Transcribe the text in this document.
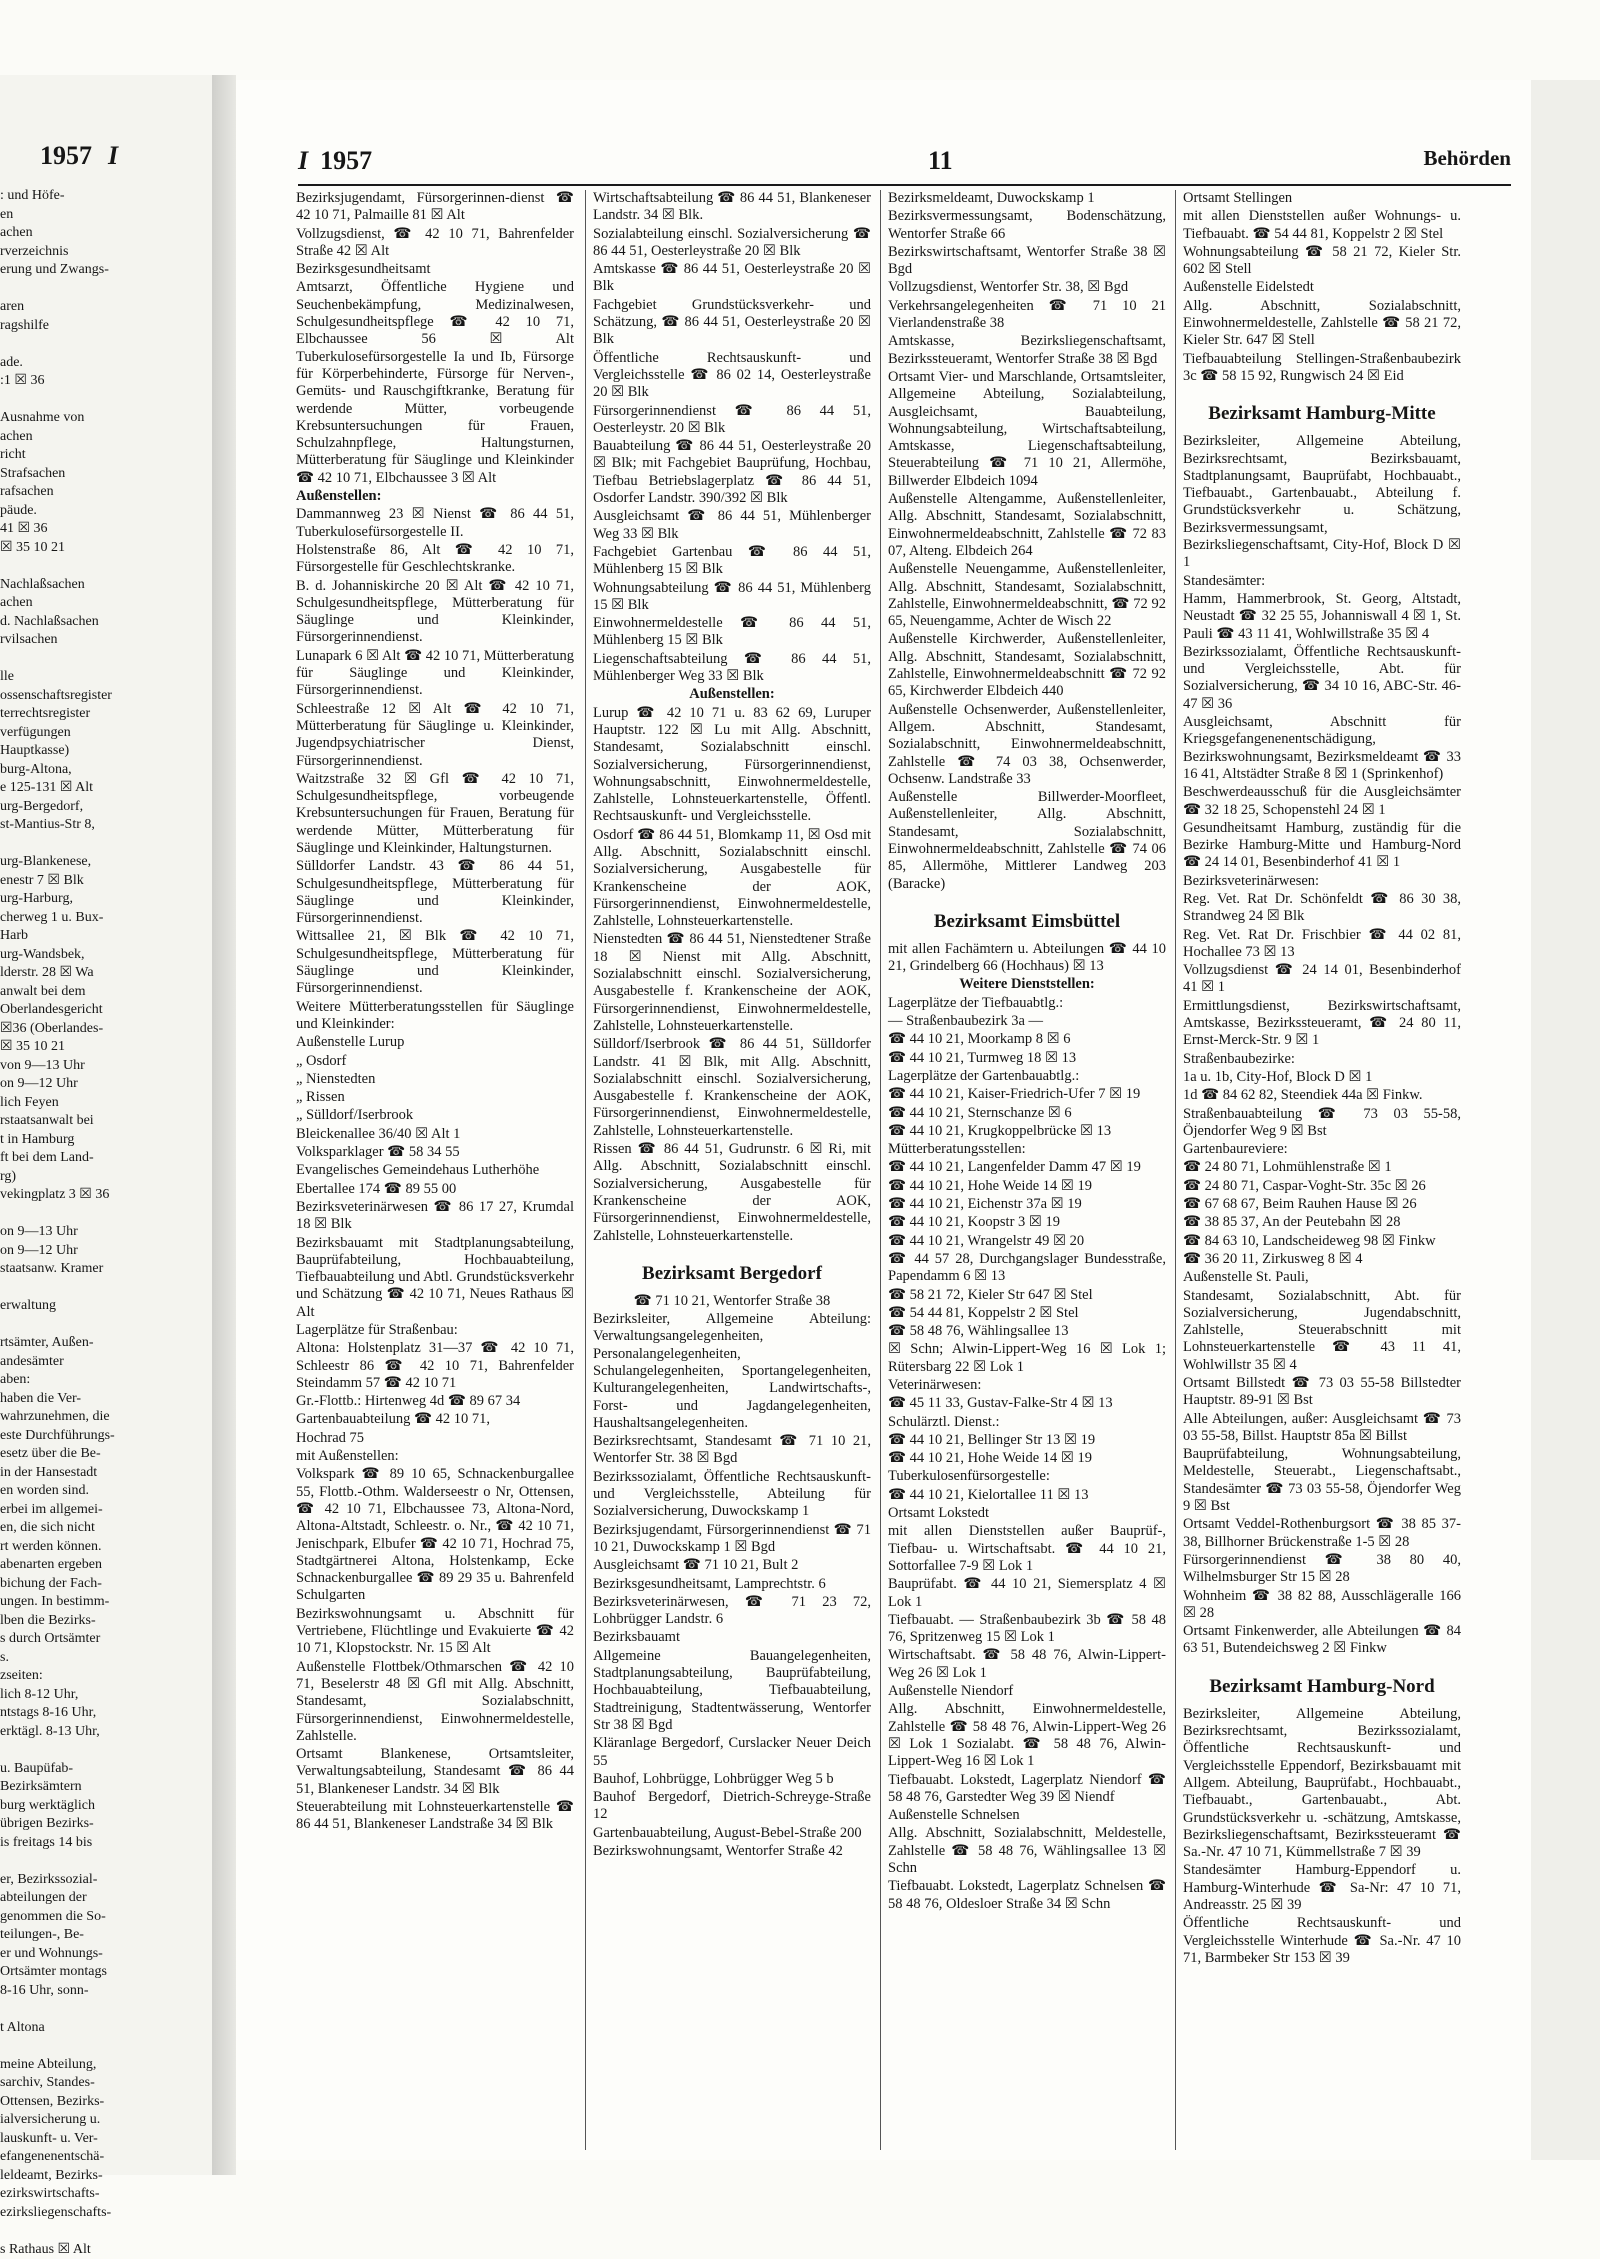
1957 I
: und Höfe-
en
achen
rverzeichnis
erung und Zwangs-
aren
ragshilfe
ade.
:1 ☒ 36
Ausnahme von
achen
richt
Strafsachen
rafsachen
päude.
41 ☒ 36
☒ 35 10 21
Nachlaßsachen
achen
d. Nachlaßsachen
rvilsachen
lle
ossenschaftsregister
terrechtsregister
verfügungen
Hauptkasse)
burg-Altona,
e 125-131 ☒ Alt
urg-Bergedorf,
st-Mantius-Str 8,
urg-Blankenese,
enestr 7 ☒ Blk
urg-Harburg,
cherweg 1 u. Bux-
Harb
urg-Wandsbek,
lderstr. 28 ☒ Wa
anwalt bei dem
Oberlandesgericht
☒36 (Oberlandes-
☒ 35 10 21
von 9—13 Uhr
on 9—12 Uhr
lich Feyen
rstaatsanwalt bei
t in Hamburg
ft bei dem Land-
rg)
vekingplatz 3 ☒ 36
on 9—13 Uhr
on 9—12 Uhr
staatsanw. Kramer
erwaltung
rtsämter, Außen-
andesämter
aben:
haben die Ver-
wahrzunehmen, die
este Durchführungs-
esetz über die Be-
in der Hansestadt
en worden sind.
erbei im allgemei-
en, die sich nicht
rt werden können.
abenarten ergeben
bichung der Fach-
ungen. In bestimm-
lben die Bezirks-
s durch Ortsämter
s.
zseiten:
lich 8-12 Uhr,
ntstags 8-16 Uhr,
erktägl. 8-13 Uhr,
u. Baupüfab-
Bezirksämtern
burg werktäglich
übrigen Bezirks-
is freitags 14 bis
er, Bezirkssozial-
abteilungen der
genommen die So-
teilungen-, Be-
er und Wohnungs-
Ortsämter montags
8-16 Uhr, sonn-
t Altona
meine Abteilung,
sarchiv, Standes-
Ottensen, Bezirks-
ialversicherung u.
lauskunft- u. Ver-
efangenenentschä-
leldeamt, Bezirks-
ezirkswirtschafts-
ezirksliegenschafts-
s Rathaus ☒ Alt
I 1957	11	Behörden

Bezirksjugendamt, Fürsorgerinnen-dienst ☎ 42 10 71, Palmaille 81 ☒ Alt

Vollzugsdienst, ☎ 42 10 71, Bahrenfelder Straße 42 ☒ Alt

Bezirksgesundheitsamt

Amtsarzt, Öffentliche Hygiene und Seuchenbekämpfung, Medizinalwesen, Schulgesundheitspflege ☎ 42 10 71, Elbchaussee 56 ☒ Alt Tuberkulosefürsorgestelle Ia und Ib, Fürsorge für Körperbehinderte, Fürsorge für Nerven-, Gemüts- und Rauschgiftkranke, Beratung für werdende Mütter, vorbeugende Krebsuntersuchungen für Frauen, Schulzahnpflege, Haltungsturnen, Mütterberatung für Säuglinge und Kleinkinder ☎ 42 10 71, Elbchaussee 3 ☒ Alt

Außenstellen:

Dammannweg 23 ☒ Nienst ☎ 86 44 51, Tuberkulosefürsorgestelle II.

Holstenstraße 86, Alt ☎ 42 10 71, Fürsorgestelle für Geschlechtskranke.

B. d. Johanniskirche 20 ☒ Alt ☎ 42 10 71, Schulgesundheitspflege, Mütterberatung für Säuglinge und Kleinkinder, Fürsorgerinnendienst.

Lunapark 6 ☒ Alt ☎ 42 10 71, Mütterberatung für Säuglinge und Kleinkinder, Fürsorgerinnendienst.

Schleestraße 12 ☒ Alt ☎ 42 10 71, Mütterberatung für Säuglinge u. Kleinkinder, Jugendpsychiatrischer Dienst, Fürsorgerinnendienst.

Waitzstraße 32 ☒ Gfl ☎ 42 10 71, Schulgesundheitspflege, vorbeugende Krebsuntersuchungen für Frauen, Beratung für werdende Mütter, Mütterberatung für Säuglinge und Kleinkinder, Haltungsturnen.

Sülldorfer Landstr. 43 ☎ 86 44 51, Schulgesundheitspflege, Mütterberatung für Säuglinge und Kleinkinder, Fürsorgerinnendienst.

Wittsallee 21, ☒ Blk ☎ 42 10 71, Schulgesundheitspflege, Mütterberatung für Säuglinge und Kleinkinder, Fürsorgerinnendienst.

Weitere Mütterberatungsstellen für Säuglinge und Kleinkinder:

Außenstelle Lurup

„ Osdorf

„ Nienstedten

„ Rissen

„ Sülldorf/Iserbrook

Bleickenallee 36/40 ☒ Alt 1

Volksparklager ☎ 58 34 55

Evangelisches Gemeindehaus Lutherhöhe

Ebertallee 174 ☎ 89 55 00

Bezirksveterinärwesen ☎ 86 17 27, Krumdal 18 ☒ Blk

Bezirksbauamt mit Stadtplanungsabteilung, Bauprüfabteilung, Hochbauabteilung, Tiefbauabteilung und Abtl. Grundstücksverkehr und Schätzung ☎ 42 10 71, Neues Rathaus ☒ Alt

Lagerplätze für Straßenbau:

Altona: Holstenplatz 31—37 ☎ 42 10 71, Schleestr 86 ☎ 42 10 71, Bahrenfelder Steindamm 57 ☎ 42 10 71

Gr.-Flottb.: Hirtenweg 4d ☎ 89 67 34

Gartenbauabteilung ☎ 42 10 71,

Hochrad 75

mit Außenstellen:

Volkspark ☎ 89 10 65, Schnackenburgallee 55, Flottb.-Othm. Walderseestr o Nr, Ottensen, ☎ 42 10 71, Elbchaussee 73, Altona-Nord, Altona-Altstadt, Schleestr. o. Nr., ☎ 42 10 71, Jenischpark, Elbufer ☎ 42 10 71, Hochrad 75, Stadtgärtnerei Altona, Holstenkamp, Ecke Schnackenburgallee ☎ 89 29 35 u. Bahrenfeld Schulgarten

Bezirkswohnungsamt u. Abschnitt für Vertriebene, Flüchtlinge und Evakuierte ☎ 42 10 71, Klopstockstr. Nr. 15 ☒ Alt

Außenstelle Flottbek/Othmarschen ☎ 42 10 71, Beselerstr 48 ☒ Gfl mit Allg. Abschnitt, Standesamt, Sozialabschnitt, Fürsorgerinnendienst, Einwohnermeldestelle, Zahlstelle.

Ortsamt Blankenese, Ortsamtsleiter, Verwaltungsabteilung, Standesamt ☎ 86 44 51, Blankeneser Landstr. 34 ☒ Blk

Steuerabteilung mit Lohnsteuerkartenstelle ☎ 86 44 51, Blankeneser Landstraße 34 ☒ Blk

Wirtschaftsabteilung ☎ 86 44 51, Blankeneser Landstr. 34 ☒ Blk.

Sozialabteilung einschl. Sozialversicherung ☎ 86 44 51, Oesterleystraße 20 ☒ Blk

Amtskasse ☎ 86 44 51, Oesterleystraße 20 ☒ Blk

Fachgebiet Grundstücksverkehr- und Schätzung, ☎ 86 44 51, Oesterleystraße 20 ☒ Blk

Öffentliche Rechtsauskunft- und Vergleichsstelle ☎ 86 02 14, Oesterleystraße 20 ☒ Blk

Fürsorgerinnendienst ☎ 86 44 51, Oesterleystr. 20 ☒ Blk

Bauabteilung ☎ 86 44 51, Oesterleystraße 20 ☒ Blk; mit Fachgebiet Bauprüfung, Hochbau, Tiefbau Betriebslagerplatz ☎ 86 44 51, Osdorfer Landstr. 390/392 ☒ Blk

Ausgleichsamt ☎ 86 44 51, Mühlenberger Weg 33 ☒ Blk

Fachgebiet Gartenbau ☎ 86 44 51, Mühlenberg 15 ☒ Blk

Wohnungsabteilung ☎ 86 44 51, Mühlenberg 15 ☒ Blk

Einwohnermeldestelle ☎ 86 44 51, Mühlenberg 15 ☒ Blk

Liegenschaftsabteilung ☎ 86 44 51, Mühlenberger Weg 33 ☒ Blk

Außenstellen:

Lurup ☎ 42 10 71 u. 83 62 69, Luruper Hauptstr. 122 ☒ Lu mit Allg. Abschnitt, Standesamt, Sozialabschnitt einschl. Sozialversicherung, Fürsorgerinnendienst, Wohnungsabschnitt, Einwohnermeldestelle, Zahlstelle, Lohnsteuerkartenstelle, Öffentl. Rechtsauskunft- und Vergleichsstelle.

Osdorf ☎ 86 44 51, Blomkamp 11, ☒ Osd mit Allg. Abschnitt, Sozialabschnitt einschl. Sozialversicherung, Ausgabestelle für Krankenscheine der AOK, Fürsorgerinnendienst, Einwohnermeldestelle, Zahlstelle, Lohnsteuerkartenstelle.

Nienstedten ☎ 86 44 51, Nienstedtener Straße 18 ☒ Nienst mit Allg. Abschnitt, Sozialabschnitt einschl. Sozialversicherung, Ausgabestelle f. Krankenscheine der AOK, Fürsorgerinnendienst, Einwohnermeldestelle, Zahlstelle, Lohnsteuerkartenstelle.

Sülldorf/Iserbrook ☎ 86 44 51, Sülldorfer Landstr. 41 ☒ Blk, mit Allg. Abschnitt, Sozialabschnitt einschl. Sozialversicherung, Ausgabestelle f. Krankenscheine der AOK, Fürsorgerinnendienst, Einwohnermeldestelle, Zahlstelle, Lohnsteuerkartenstelle.

Rissen ☎ 86 44 51, Gudrunstr. 6 ☒ Ri, mit Allg. Abschnitt, Sozialabschnitt einschl. Sozialversicherung, Ausgabestelle für Krankenscheine der AOK, Fürsorgerinnendienst, Einwohnermeldestelle, Zahlstelle, Lohnsteuerkartenstelle.

Bezirksamt Bergedorf

☎ 71 10 21, Wentorfer Straße 38

Bezirksleiter, Allgemeine Abteilung: Verwaltungsangelegenheiten, Personalangelegenheiten, Schulangelegenheiten, Sportangelegenheiten, Kulturangelegenheiten, Landwirtschafts-, Forst- und Jagdangelegenheiten, Haushaltsangelegenheiten.

Bezirksrechtsamt, Standesamt ☎ 71 10 21, Wentorfer Str. 38 ☒ Bgd

Bezirkssozialamt, Öffentliche Rechtsauskunft- und Vergleichsstelle, Abteilung für Sozialversicherung, Duwockskamp 1

Bezirksjugendamt, Fürsorgerinnendienst ☎ 71 10 21, Duwockskamp 1 ☒ Bgd

Ausgleichsamt ☎ 71 10 21, Bult 2

Bezirksgesundheitsamt, Lamprechtstr. 6

Bezirksveterinärwesen, ☎ 71 23 72, Lohbrügger Landstr. 6

Bezirksbauamt

Allgemeine Bauangelegenheiten, Stadtplanungsabteilung, Bauprüfabteilung, Hochbauabteilung, Tiefbauabteilung, Stadtreinigung, Stadtentwässerung, Wentorfer Str 38 ☒ Bgd

Kläranlage Bergedorf, Curslacker Neuer Deich 55

Bauhof, Lohbrügge, Lohbrügger Weg 5 b

Bauhof Bergedorf, Dietrich-Schreyge-Straße 12

Gartenbauabteilung, August-Bebel-Straße 200

Bezirkswohnungsamt, Wentorfer Straße 42

Bezirksmeldeamt, Duwockskamp 1

Bezirksvermessungsamt, Bodenschätzung, Wentorfer Straße 66

Bezirkswirtschaftsamt, Wentorfer Straße 38 ☒ Bgd

Vollzugsdienst, Wentorfer Str. 38, ☒ Bgd

Verkehrsangelegenheiten ☎ 71 10 21 Vierlandenstraße 38

Amtskasse, Bezirksliegenschaftsamt, Bezirkssteueramt, Wentorfer Straße 38 ☒ Bgd

Ortsamt Vier- und Marschlande, Ortsamtsleiter, Allgemeine Abteilung, Sozialabteilung, Ausgleichsamt, Bauabteilung, Wohnungsabteilung, Wirtschaftsabteilung, Amtskasse, Liegenschaftsabteilung, Steuerabteilung ☎ 71 10 21, Allermöhe, Billwerder Elbdeich 1094

Außenstelle Altengamme, Außenstellenleiter, Allg. Abschnitt, Standesamt, Sozialabschnitt, Einwohnermeldeabschnitt, Zahlstelle ☎ 72 83 07, Alteng. Elbdeich 264

Außenstelle Neuengamme, Außenstellenleiter, Allg. Abschnitt, Standesamt, Sozialabschnitt, Zahlstelle, Einwohnermeldeabschnitt, ☎ 72 92 65, Neuengamme, Achter de Wisch 22

Außenstelle Kirchwerder, Außenstellenleiter, Allg. Abschnitt, Standesamt, Sozialabschnitt, Zahlstelle, Einwohnermeldeabschnitt ☎ 72 92 65, Kirchwerder Elbdeich 440

Außenstelle Ochsenwerder, Außenstellenleiter, Allgem. Abschnitt, Standesamt, Sozialabschnitt, Einwohnermeldeabschnitt, Zahlstelle ☎ 74 03 38, Ochsenwerder, Ochsenw. Landstraße 33

Außenstelle Billwerder-Moorfleet, Außenstellenleiter, Allg. Abschnitt, Standesamt, Sozialabschnitt, Einwohnermeldeabschnitt, Zahlstelle ☎ 74 06 85, Allermöhe, Mittlerer Landweg 203 (Baracke)

Bezirksamt Eimsbüttel

mit allen Fachämtern u. Abteilungen ☎ 44 10 21, Grindelberg 66 (Hochhaus) ☒ 13

Weitere Dienststellen:

Lagerplätze der Tiefbauabtlg.:

— Straßenbaubezirk 3a —

☎ 44 10 21, Moorkamp 8 ☒ 6

☎ 44 10 21, Turmweg 18 ☒ 13

Lagerplätze der Gartenbauabtlg.:

☎ 44 10 21, Kaiser-Friedrich-Ufer 7 ☒ 19

☎ 44 10 21, Sternschanze ☒ 6

☎ 44 10 21, Krugkoppelbrücke ☒ 13

Mütterberatungsstellen:

☎ 44 10 21, Langenfelder Damm 47 ☒ 19

☎ 44 10 21, Hohe Weide 14 ☒ 19

☎ 44 10 21, Eichenstr 37a ☒ 19

☎ 44 10 21, Koopstr 3 ☒ 19

☎ 44 10 21, Wrangelstr 49 ☒ 20

☎ 44 57 28, Durchgangslager Bundesstraße, Papendamm 6 ☒ 13

☎ 58 21 72, Kieler Str 647 ☒ Stel

☎ 54 44 81, Koppelstr 2 ☒ Stel

☎ 58 48 76, Wählingsallee 13

☒ Schn; Alwin-Lippert-Weg 16 ☒ Lok 1; Rütersbarg 22 ☒ Lok 1

Veterinärwesen:

☎ 45 11 33, Gustav-Falke-Str 4 ☒ 13

Schulärztl. Dienst.:

☎ 44 10 21, Bellinger Str 13 ☒ 19

☎ 44 10 21, Hohe Weide 14 ☒ 19

Tuberkulosenfürsorgestelle:

☎ 44 10 21, Kielortallee 11 ☒ 13

Ortsamt Lokstedt

mit allen Dienststellen außer Bauprüf-, Tiefbau- u. Wirtschaftsabt. ☎ 44 10 21, Sottorfallee 7-9 ☒ Lok 1

Bauprüfabt. ☎ 44 10 21, Siemersplatz 4 ☒ Lok 1

Tiefbauabt. — Straßenbaubezirk 3b ☎ 58 48 76, Spritzenweg 15 ☒ Lok 1

Wirtschaftsabt. ☎ 58 48 76, Alwin-Lippert-Weg 26 ☒ Lok 1

Außenstelle Niendorf

Allg. Abschnitt, Einwohnermeldestelle, Zahlstelle ☎ 58 48 76, Alwin-Lippert-Weg 26 ☒ Lok 1 Sozialabt. ☎ 58 48 76, Alwin-Lippert-Weg 16 ☒ Lok 1

Tiefbauabt. Lokstedt, Lagerplatz Niendorf ☎ 58 48 76, Garstedter Weg 39 ☒ Niendf

Außenstelle Schnelsen

Allg. Abschnitt, Sozialabschnitt, Meldestelle, Zahlstelle ☎ 58 48 76, Wählingsallee 13 ☒ Schn

Tiefbauabt. Lokstedt, Lagerplatz Schnelsen ☎ 58 48 76, Oldesloer Straße 34 ☒ Schn

Ortsamt Stellingen

mit allen Dienststellen außer Wohnungs- u. Tiefbauabt. ☎ 54 44 81, Koppelstr 2 ☒ Stel

Wohnungsabteilung ☎ 58 21 72, Kieler Str. 602 ☒ Stell

Außenstelle Eidelstedt

Allg. Abschnitt, Sozialabschnitt, Einwohnermeldestelle, Zahlstelle ☎ 58 21 72, Kieler Str. 647 ☒ Stell

Tiefbauabteilung Stellingen-Straßenbaubezirk 3c ☎ 58 15 92, Rungwisch 24 ☒ Eid

Bezirksamt Hamburg-Mitte

Bezirksleiter, Allgemeine Abteilung, Bezirksrechtsamt, Bezirksbauamt, Stadtplanungsamt, Bauprüfabt, Hochbauabt., Tiefbauabt., Gartenbauabt., Abteilung f. Grundstücksverkehr u. Schätzung, Bezirksvermessungsamt, Bezirksliegenschaftsamt, City-Hof, Block D ☒ 1

Standesämter:

Hamm, Hammerbrook, St. Georg, Altstadt, Neustadt ☎ 32 25 55, Johanniswall 4 ☒ 1, St. Pauli ☎ 43 11 41, Wohlwillstraße 35 ☒ 4

Bezirkssozialamt, Öffentliche Rechtsauskunft- und Vergleichsstelle, Abt. für Sozialversicherung, ☎ 34 10 16, ABC-Str. 46-47 ☒ 36

Ausgleichsamt, Abschnitt für Kriegsgefangenenentschädigung, Bezirkswohnungsamt, Bezirksmeldeamt ☎ 33 16 41, Altstädter Straße 8 ☒ 1 (Sprinkenhof)

Beschwerdeausschuß für die Ausgleichsämter ☎ 32 18 25, Schopenstehl 24 ☒ 1

Gesundheitsamt Hamburg, zuständig für die Bezirke Hamburg-Mitte und Hamburg-Nord ☎ 24 14 01, Besenbinderhof 41 ☒ 1

Bezirksveterinärwesen:

Reg. Vet. Rat Dr. Schönfeldt ☎ 86 30 38, Strandweg 24 ☒ Blk

Reg. Vet. Rat Dr. Frischbier ☎ 44 02 81, Hochallee 73 ☒ 13

Vollzugsdienst ☎ 24 14 01, Besenbinderhof 41 ☒ 1

Ermittlungsdienst, Bezirkswirtschaftsamt, Amtskasse, Bezirkssteueramt, ☎ 24 80 11, Ernst-Merck-Str. 9 ☒ 1

Straßenbaubezirke:

1a u. 1b, City-Hof, Block D ☒ 1

1d ☎ 84 62 82, Steendiek 44a ☒ Finkw.

Straßenbauabteilung ☎ 73 03 55-58, Öjendorfer Weg 9 ☒ Bst

Gartenbaureviere:

☎ 24 80 71, Lohmühlenstraße ☒ 1

☎ 24 80 71, Caspar-Voght-Str. 35c ☒ 26

☎ 67 68 67, Beim Rauhen Hause ☒ 26

☎ 38 85 37, An der Peutebahn ☒ 28

☎ 84 63 10, Landscheideweg 98 ☒ Finkw

☎ 36 20 11, Zirkusweg 8 ☒ 4

Außenstelle St. Pauli,

Standesamt, Sozialabschnitt, Abt. für Sozialversicherung, Jugendabschnitt, Zahlstelle, Steuerabschnitt mit Lohnsteuerkartenstelle ☎ 43 11 41, Wohlwillstr 35 ☒ 4

Ortsamt Billstedt ☎ 73 03 55-58 Billstedter Hauptstr. 89-91 ☒ Bst

Alle Abteilungen, außer: Ausgleichsamt ☎ 73 03 55-58, Billst. Hauptstr 85a ☒ Billst

Bauprüfabteilung, Wohnungsabteilung, Meldestelle, Steuerabt., Liegenschaftsabt., Standesämter ☎ 73 03 55-58, Öjendorfer Weg 9 ☒ Bst

Ortsamt Veddel-Rothenburgsort ☎ 38 85 37-38, Billhorner Brückenstraße 1-5 ☒ 28

Fürsorgerinnendienst ☎ 38 80 40, Wilhelmsburger Str 15 ☒ 28

Wohnheim ☎ 38 82 88, Ausschlägeralle 166 ☒ 28

Ortsamt Finkenwerder, alle Abteilungen ☎ 84 63 51, Butendeichsweg 2 ☒ Finkw

Bezirksamt Hamburg-Nord

Bezirksleiter, Allgemeine Abteilung, Bezirksrechtsamt, Bezirkssozialamt, Öffentliche Rechtsauskunft- und Vergleichsstelle Eppendorf, Bezirksbauamt mit Allgem. Abteilung, Bauprüfabt., Hochbauabt., Tiefbauabt., Gartenbauabt., Abt. Grundstücksverkehr u. -schätzung, Amtskasse, Bezirksliegenschaftsamt, Bezirkssteueramt ☎ Sa.-Nr. 47 10 71, Kümmellstraße 7 ☒ 39

Standesämter Hamburg-Eppendorf u. Hamburg-Winterhude ☎ Sa-Nr: 47 10 71, Andreasstr. 25 ☒ 39

Öffentliche Rechtsauskunft- und Vergleichsstelle Winterhude ☎ Sa.-Nr. 47 10 71, Barmbeker Str 153 ☒ 39
